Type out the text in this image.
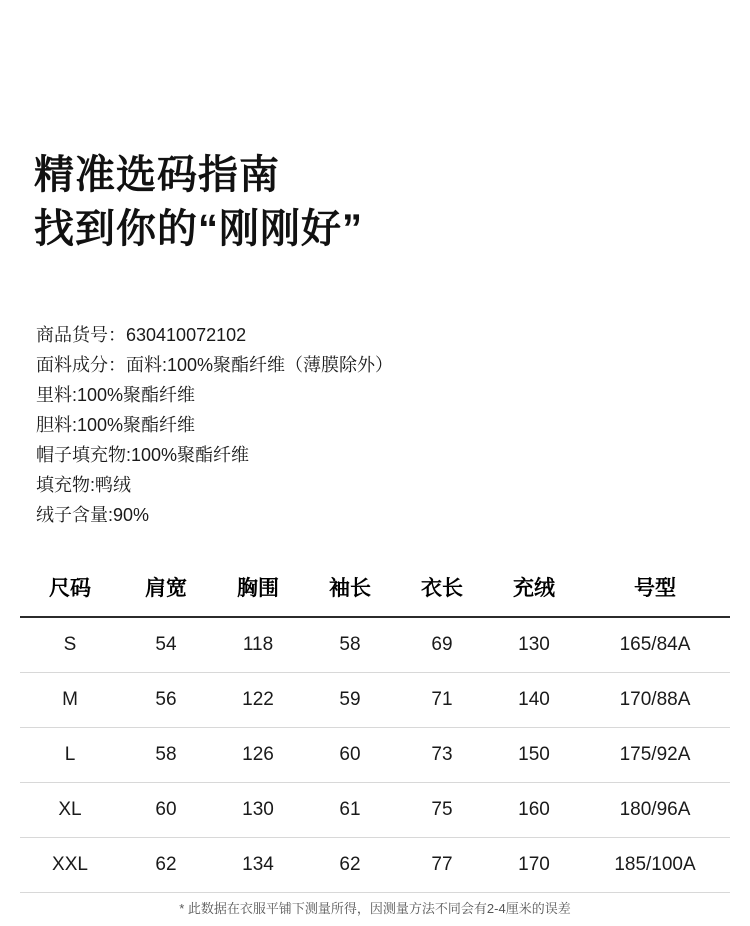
精准选码指南
找到你的“刚刚好”
商品货号：630410072102
面料成分：面料:100%聚酯纤维（薄膜除外）
里料:100%聚酯纤维
胆料:100%聚酯纤维
帽子填充物:100%聚酯纤维
填充物:鸭绒
绒子含量:90%
尺码	肩宽	胸围	袖长	衣长	充绒	号型
S	54	118	58	69	130	165/84A
M	56	122	59	71	140	170/88A
L	58	126	60	73	150	175/92A
XL	60	130	61	75	160	180/96A
XXL	62	134	62	77	170	185/100A
* 此数据在衣服平铺下测量所得，因测量方法不同会有2-4厘米的误差
